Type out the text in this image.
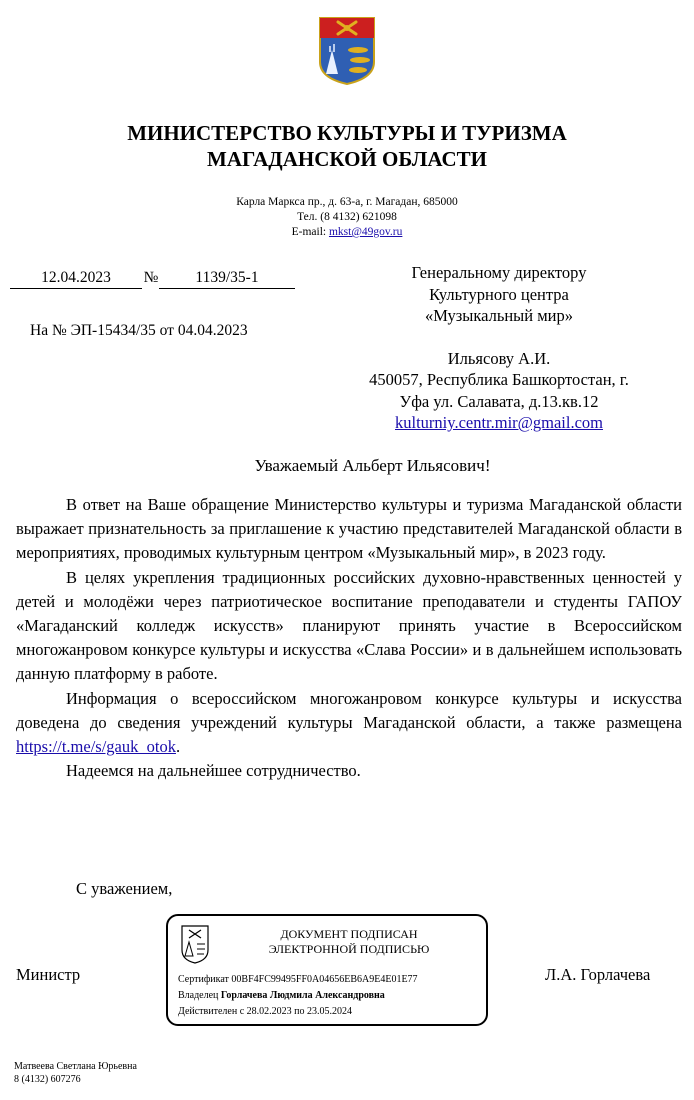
МИНИСТЕРСТВО КУЛЬТУРЫ И ТУРИЗМА
МАГАДАНСКОЙ ОБЛАСТИ
Карла Маркса пр., д. 63-а, г. Магадан, 685000
Тел. (8 4132) 621098
E-mail: mkst@49gov.ru
12.04.2023	№	1139/35-1
На № ЭП-15434/35 от 04.04.2023
Генеральному директору
Культурного центра
«Музыкальный мир»
Ильясову А.И.
450057, Республика Башкортостан, г.
Уфа ул. Салавата, д.13.кв.12
kulturniy.centr.mir@gmail.com
Уважаемый Альберт Ильясович!

В ответ на Ваше обращение Министерство культуры и туризма Магаданской области выражает признательность за приглашение к участию представителей Магаданской области в мероприятиях, проводимых культурным центром «Музыкальный мир», в 2023 году.

В целях укрепления традиционных российских духовно-нравственных ценностей у детей и молодёжи через патриотическое воспитание преподаватели и студенты ГАПОУ «Магаданский колледж искусств» планируют принять участие в Всероссийском многожанровом конкурсе культуры и искусства «Слава России» и в дальнейшем использовать данную платформу в работе.

Информация о всероссийском многожанровом конкурсе культуры и искусства доведена до сведения учреждений культуры Магаданской области, а также размещена https://t.me/s/gauk_otok.

Надеемся на дальнейшее сотрудничество.

С уважением,
Министр	Л.А. Горлачева
ДОКУМЕНТ ПОДПИСАН
ЭЛЕКТРОННОЙ ПОДПИСЬЮ
Сертификат 00BF4FC99495FF0A04656EB6A9E4E01E77
Владелец Горлачева Людмила Александровна
Действителен с 28.02.2023 по 23.05.2024
Матвеева Светлана Юрьевна
8 (4132) 607276
